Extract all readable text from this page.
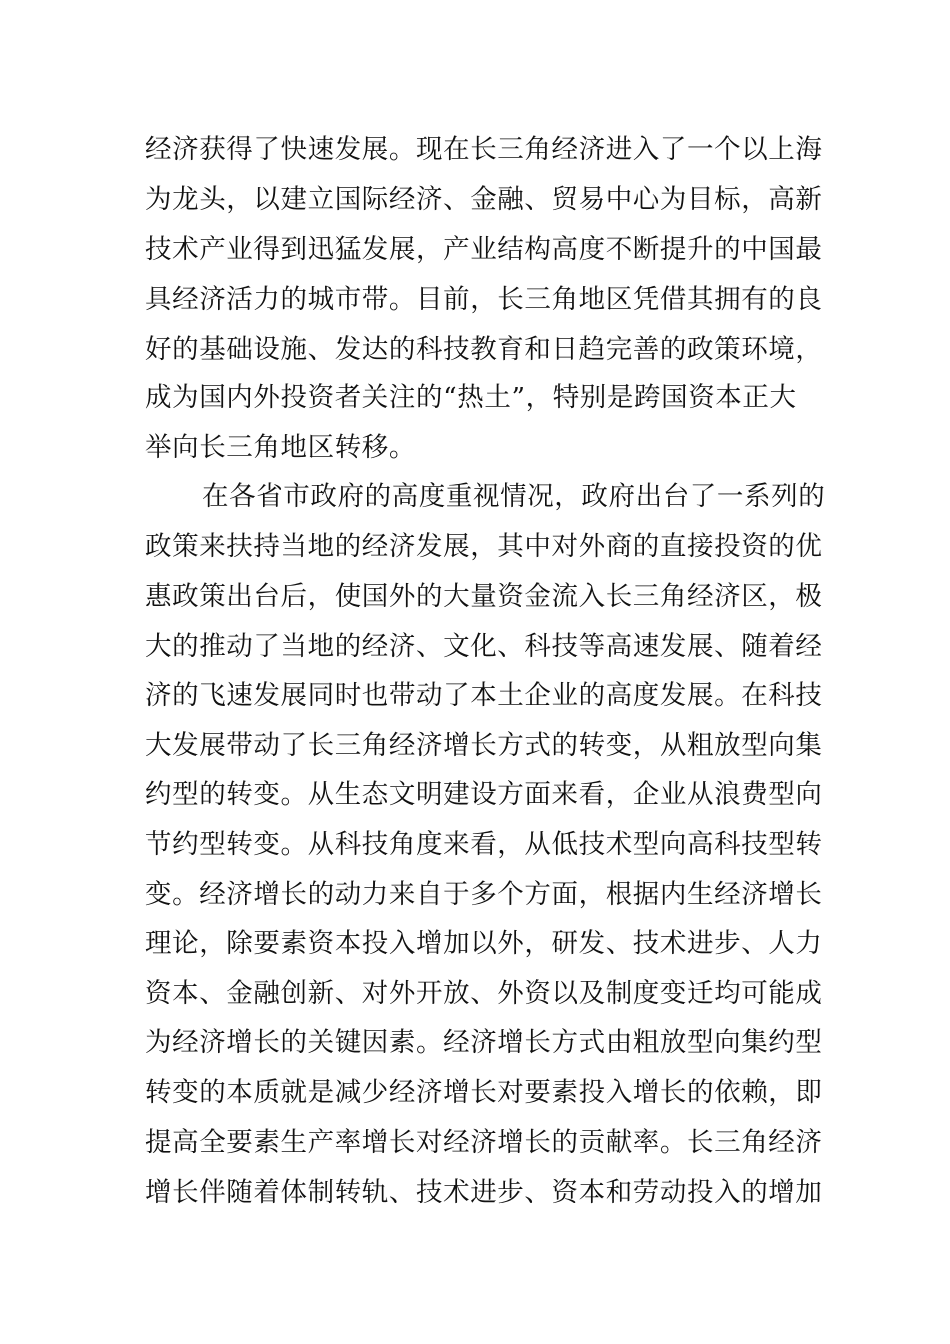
经济获得了快速发展。现在长三角经济进入了一个以上海
为龙头，以建立国际经济、金融、贸易中心为目标，高新
技术产业得到迅猛发展，产业结构高度不断提升的中国最
具经济活力的城市带。目前，长三角地区凭借其拥有的良
好的基础设施、发达的科技教育和日趋完善的政策环境，
成为国内外投资者关注的“热土”，特别是跨国资本正大
举向长三角地区转移。
在各省市政府的高度重视情况，政府出台了一系列的
政策来扶持当地的经济发展，其中对外商的直接投资的优
惠政策出台后，使国外的大量资金流入长三角经济区，极
大的推动了当地的经济、文化、科技等高速发展、随着经
济的飞速发展同时也带动了本土企业的高度发展。在科技
大发展带动了长三角经济增长方式的转变，从粗放型向集
约型的转变。从生态文明建设方面来看，企业从浪费型向
节约型转变。从科技角度来看，从低技术型向高科技型转
变。经济增长的动力来自于多个方面，根据内生经济增长
理论，除要素资本投入增加以外，研发、技术进步、人力
资本、金融创新、对外开放、外资以及制度变迁均可能成
为经济增长的关键因素。经济增长方式由粗放型向集约型
转变的本质就是减少经济增长对要素投入增长的依赖，即
提高全要素生产率增长对经济增长的贡献率。长三角经济
增长伴随着体制转轨、技术进步、资本和劳动投入的增加
